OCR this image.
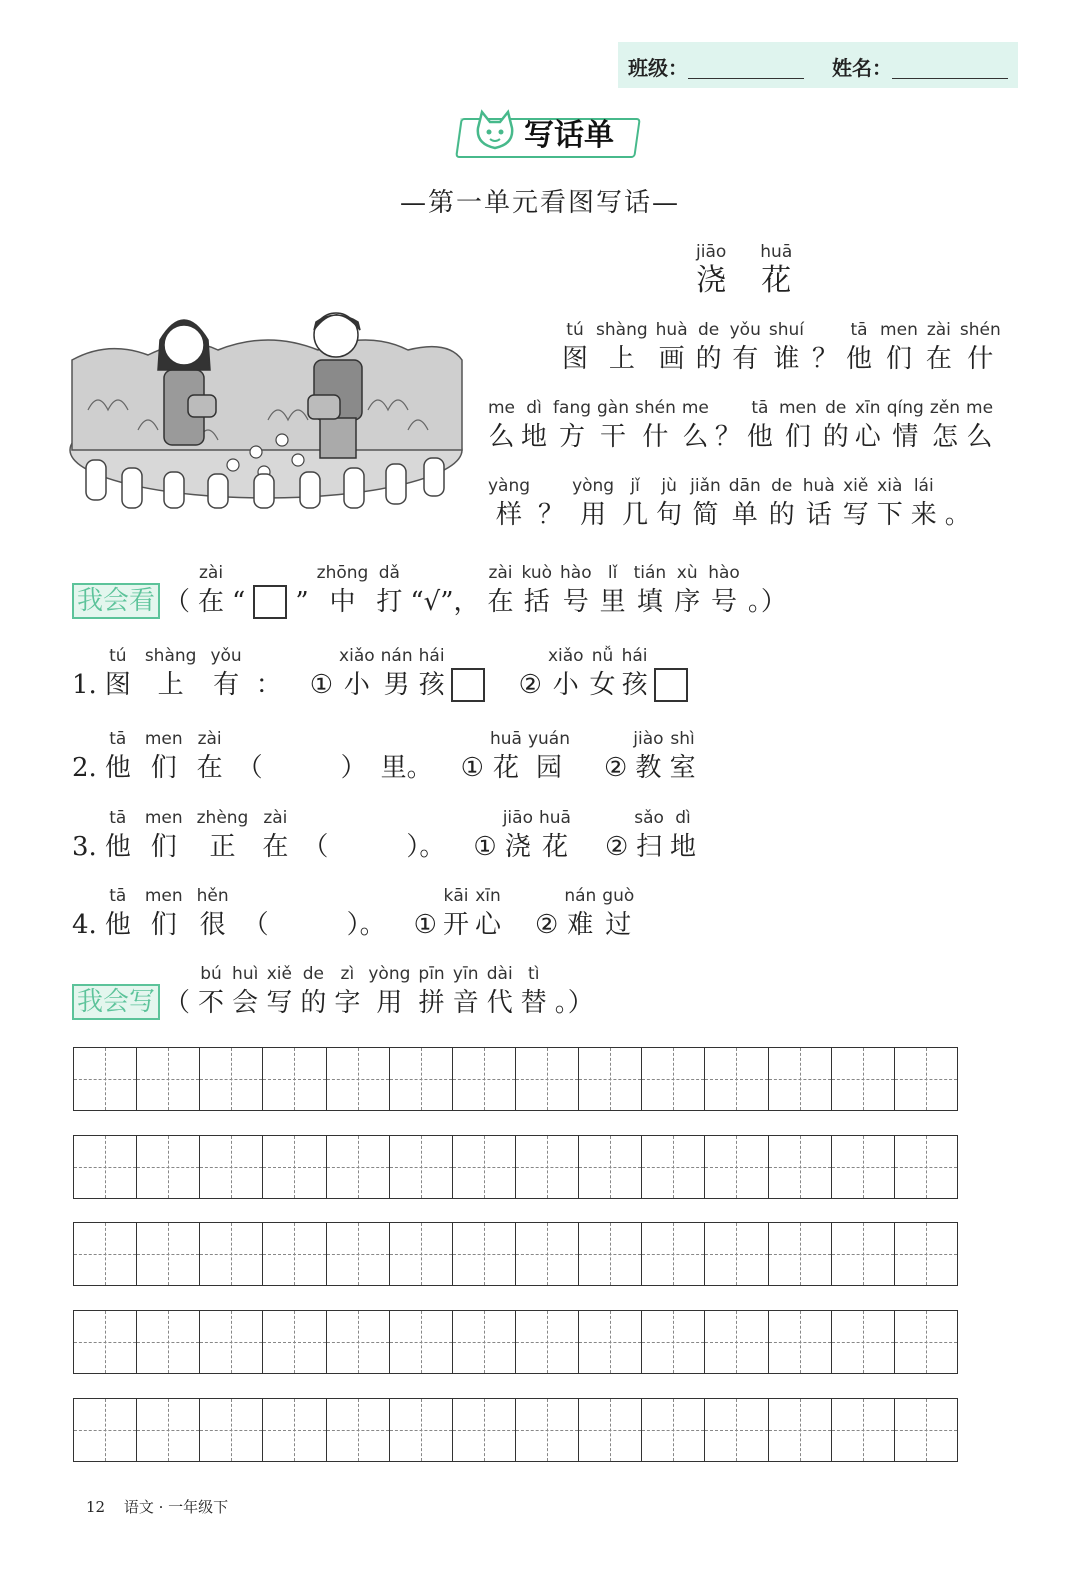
班级：	姓名：
写话单
—第一单元看图写话—
jiāo
浇
huā
花
tú
图
shàng
上
huà
画
de
的
yǒu
有
shuí
谁 ？
tā
他
men
们
zài
在
shén
什
me
么
dì
地
fang
方
gàn
干
shén
什
me
么 ？
tā
他
men
们
de
的
xīn
心
qíng
情
zěn
怎
me
么
yàng
样 ？
yòng
用
jǐ
几
jù
句
jiǎn
简
dān
单
de
的
huà
话
xiě
写
xià
下
lái
来 。
我会看 （
zài
在 “ ”
zhōng
中
dǎ
打 “√”，
zài
在
kuò
括
hào
号
lǐ
里
tián
填
xù
序
hào
号 。）
1.
tú
图
shàng
上
yǒu
有 ： ①
xiǎo
小
nán
男
hái
孩	②
xiǎo
小
nǚ
女
hái
孩
2.
tā
他
men
们
zài
在 （　　　） 里。 ①
huā
花
yuán
园 ②
jiào
教
shì
室
3.
tā
他
men
们
zhèng
正
zài
在 （　　　）。 ①
jiāo
浇
huā
花 ②
sǎo
扫
dì
地
4.
tā
他
men
们
hěn
很 （　　　）。 ①
kāi
开
xīn
心 ②
nán
难
guò
过
我会写 （
bú
不
huì
会
xiě
写
de
的
zì
字
yòng
用
pīn
拼
yīn
音
dài
代
tì
替 。）
12 语文 · 一年级下
